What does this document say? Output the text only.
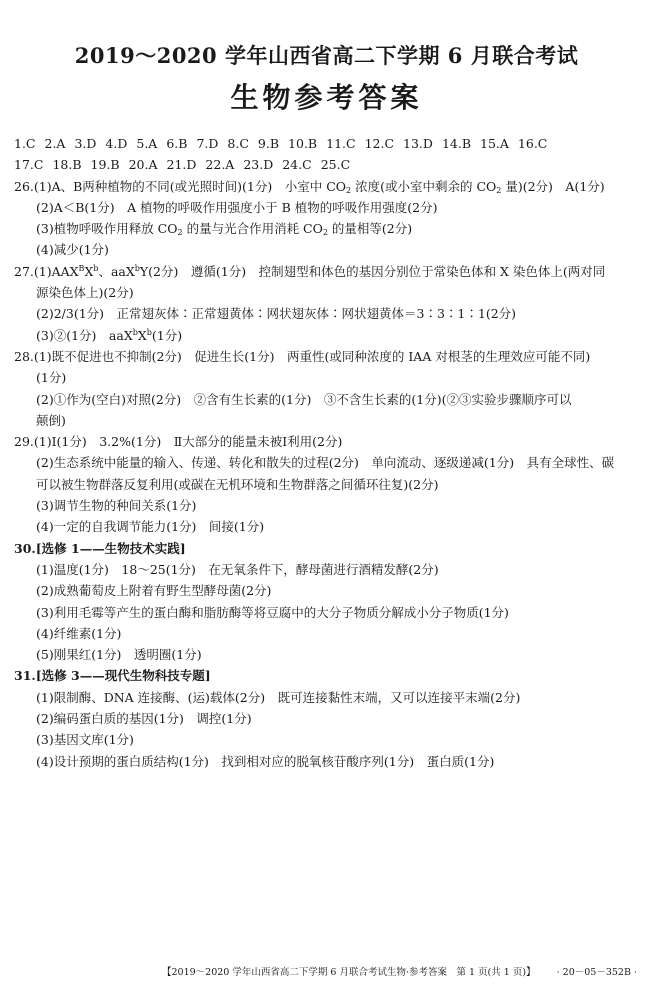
2019～2020 学年山西省高二下学期 6 月联合考试
生物参考答案
1.C 2.A 3.D 4.D 5.A 6.B 7.D 8.C 9.B 10.B 11.C 12.C 13.D 14.B 15.A 16.C
17.C 18.B 19.B 20.A 21.D 22.A 23.D 24.C 25.C
26.(1)A、B两种植物的不同(或光照时间)(1分)　小室中 $CO_2$ 浓度(或小室中剩余的 $CO_2$ 量)(2分)　A(1分)
(2)A＜B(1分)　A 植物的呼吸作用强度小于 B 植物的呼吸作用强度(2分)
(3)植物呼吸作用释放 $CO_2$ 的量与光合作用消耗 $CO_2$ 的量相等(2分)
(4)减少(1分)
$27.(1)AAX^BX^b$、aaX$^b$Y(2分)　遵循(1分)　控制翅型和体色的基因分别位于常染色体和 X 染色体上(两对同
源染色体上)(2分)
(2)2/3(1分)　正常翅灰体∶正常翅黄体∶网状翅灰体∶网状翅黄体＝3∶3∶1∶1(2分)
(3)②(1分)　$aaX^bX^b(1$分)
28.(1)既不促进也不抑制(2分)　促进生长(1分)　两重性(或同种浓度的 IAA 对根茎的生理效应可能不同)
(1分)
(2)①作为(空白)对照(2分)　②含有生长素的(1分)　③不含生长素的(1分)(②③实验步骤顺序可以
颠倒)
29.(1)Ⅰ(1分)　3.2%(1分)　Ⅱ大部分的能量未被Ⅰ利用(2分)
(2)生态系统中能量的输入、传递、转化和散失的过程(2分)　单向流动、逐级递减(1分)　具有全球性、碳
可以被生物群落反复利用(或碳在无机环境和生物群落之间循环往复)(2分)
(3)调节生物的种间关系(1分)
(4)一定的自我调节能力(1分)　间接(1分)
30.[选修 1——生物技术实践]
(1)温度(1分)　18～25(1分)　在无氧条件下，酵母菌进行酒精发酵(2分)
(2)成熟葡萄皮上附着有野生型酵母菌(2分)
(3)利用毛霉等产生的蛋白酶和脂肪酶等将豆腐中的大分子物质分解成小分子物质(1分)
(4)纤维素(1分)
(5)刚果红(1分)　透明圈(1分)
31.[选修 3——现代生物科技专题]
(1)限制酶、DNA 连接酶、(运)载体(2分)　既可连接黏性末端，又可以连接平末端(2分)
(2)编码蛋白质的基因(1分)　调控(1分)
(3)基因文库(1分)
(4)设计预期的蛋白质结构(1分)　找到相对应的脱氧核苷酸序列(1分)　蛋白质(1分)
【2019～2020 学年山西省高二下学期 6 月联合考试生物·参考答案　第 1 页(共 1 页)】 · 20－05－352B ·
